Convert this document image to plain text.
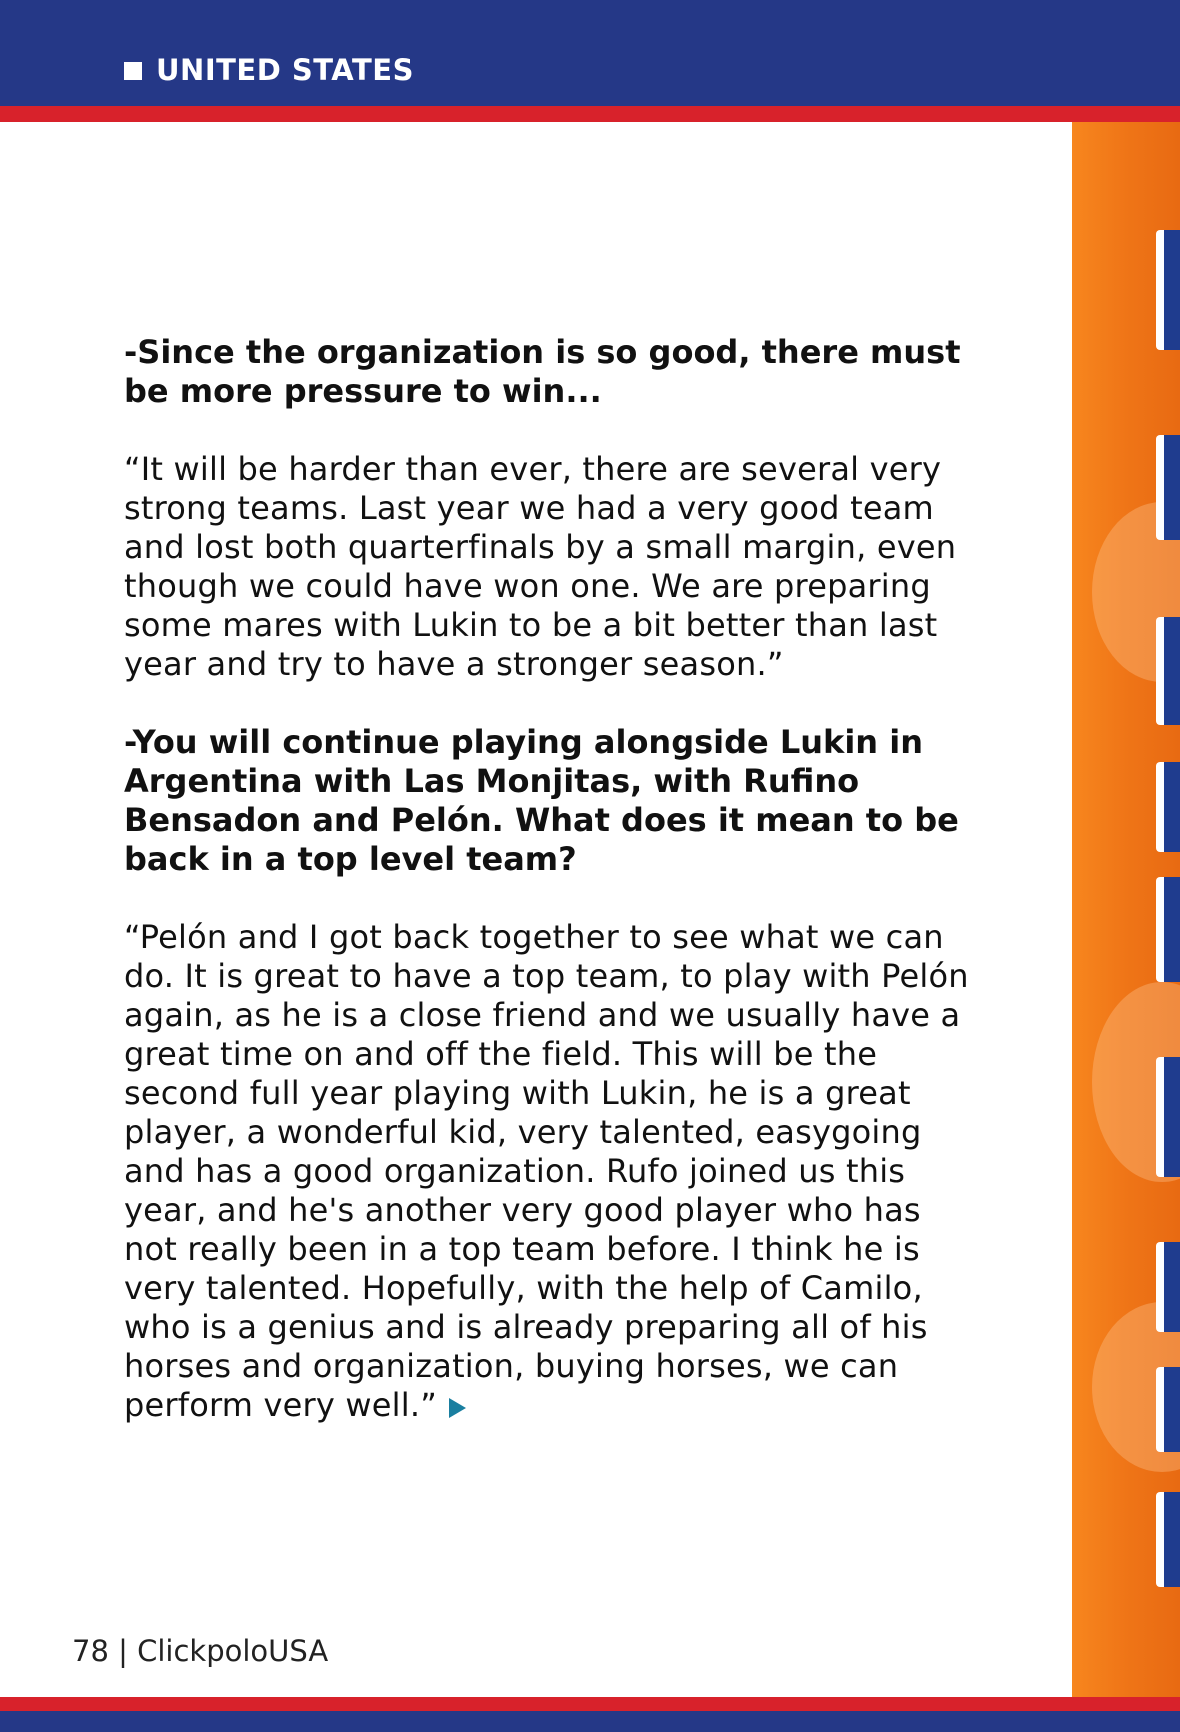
UNITED STATES

-Since the organization is so good, there must be more pressure to win...

“It will be harder than ever, there are several very strong teams. Last year we had a very good team and lost both quarterfinals by a small margin, even though we could have won one. We are preparing some mares with Lukin to be a bit better than last year and try to have a stronger season.”

-You will continue playing alongside Lukin in Argentina with Las Monjitas, with Rufino Bensadon and Pelón. What does it mean to be back in a top level team?

“Pelón and I got back together to see what we can do. It is great to have a top team, to play with Pelón again, as he is a close friend and we usually have a great time on and off the field. This will be the second full year playing with Lukin, he is a great player, a wonderful kid, very talented, easygoing and has a good organization. Rufo joined us this year, and he's another very good player who has not really been in a top team before. I think he is very talented. Hopefully, with the help of Camilo, who is a genius and is already preparing all of his horses and organization, buying horses, we can perform very well.”

78 | ClickpoloUSA
